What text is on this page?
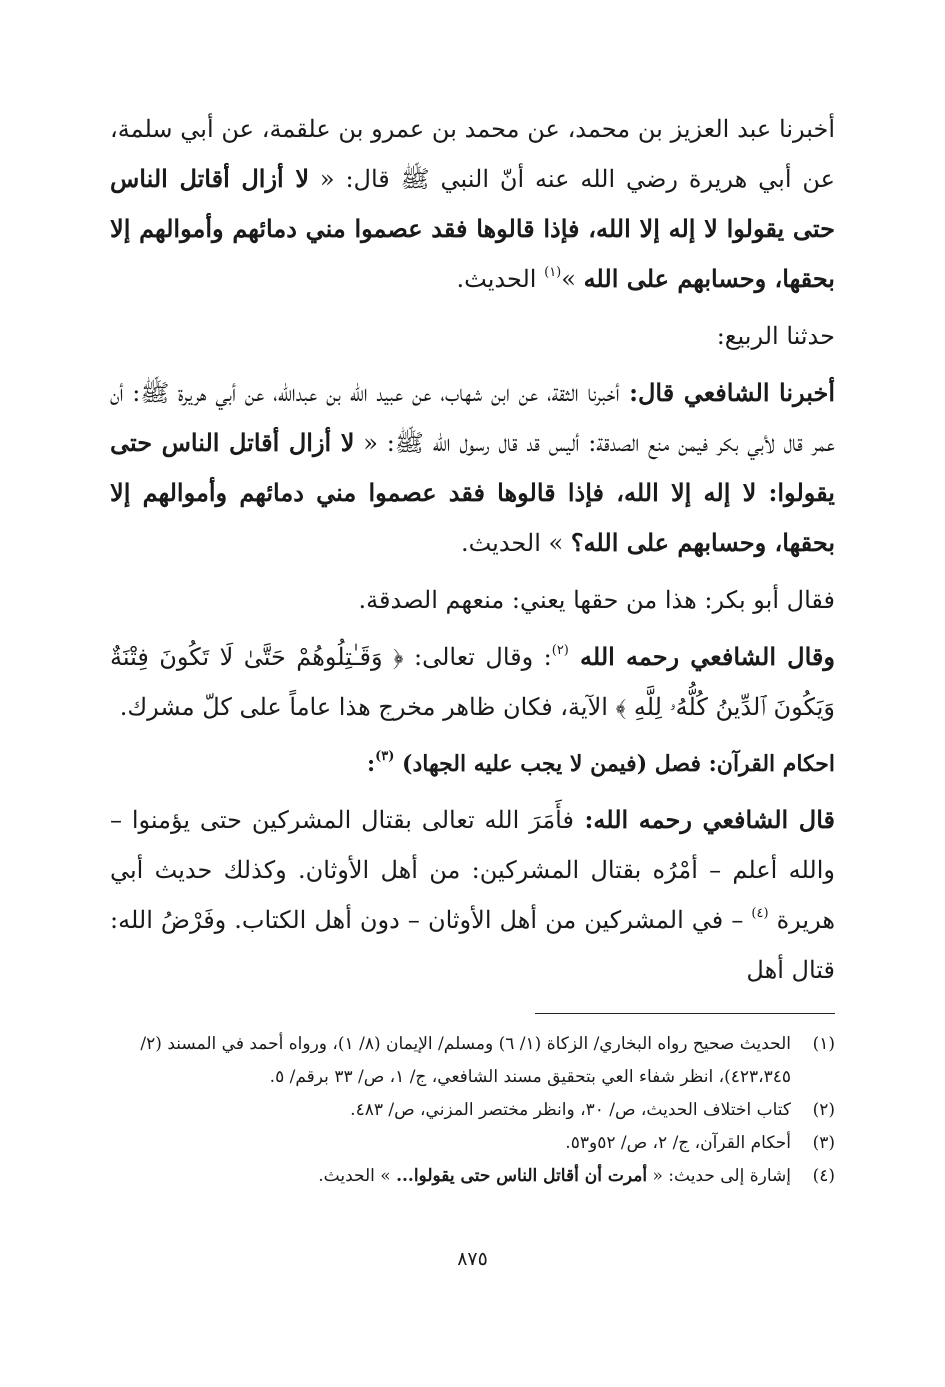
أخبرنا عبد العزيز بن محمد، عن محمد بن عمرو بن علقمة، عن أبي سلمة، عن أبي هريرة رضي الله عنه أنّ النبي ﷺ قال: « لا أزال أقاتل الناس حتى يقولوا لا إله إلا الله، فإذا قالوها فقد عصموا مني دمائهم وأموالهم إلا بحقها، وحسابهم على الله »$^{(١)}$ الحديث.

حدثنا الربيع:

أخبرنا الشافعي قال: أخبرنا الثقة، عن ابن شهاب، عن عبيد الله بن عبدالله، عن أبي هريرة ﷺ: أن عمر قال لأبي بكر فيمن منع الصدقة: أليس قد قال رسول الله ﷺ: « لا أزال أقاتل الناس حتى يقولوا: لا إله إلا الله، فإذا قالوها فقد عصموا مني دمائهم وأموالهم إلا بحقها، وحسابهم على الله؟ » الحديث.

فقال أبو بكر: هذا من حقها يعني: منعهم الصدقة.

وقال الشافعي رحمه الله $^{(٢)}$: وقال تعالى: ﴿ وَقَـٰتِلُوهُمْ حَتَّىٰ لَا تَكُونَ فِتْنَةٌ وَيَكُونَ ٱلدِّينُ كُلُّهُۥ لِلَّهِ ﴾ الآية، فكان ظاهر مخرج هذا عاماً على كلّ مشرك.

احكام القرآن: فصل (فيمن لا يجب عليه الجهاد) $^{(٣)}$:

قال الشافعي رحمه الله: فأَمَرَ الله تعالى بقتال المشركين حتى يؤمنوا – والله أعلم – أمْرُه بقتال المشركين: من أهل الأوثان. وكذلك حديث أبي هريرة $^{(٤)}$ – في المشركين من أهل الأوثان – دون أهل الكتاب. وفَرْضُ الله: قتال أهل

(١)
الحديث صحيح رواه البخاري/ الزكاة (١/ ٦) ومسلم/ الإيمان (٨/ ١)، ورواه أحمد في المسند (٢/ ٤٢٣،٣٤٥)، انظر شفاء العي بتحقيق مسند الشافعي، ج/ ١، ص/ ٣٣ برقم/ ٥.
(٢)
كتاب اختلاف الحديث، ص/ ٣٠، وانظر مختصر المزني، ص/ ٤٨٣.
(٣)
أحكام القرآن، ج/ ٢، ص/ ٥٢و٥٣.
(٤)
إشارة إلى حديث: « أمرت أن أقاتل الناس حتى يقولوا... » الحديث.
٨٧٥
